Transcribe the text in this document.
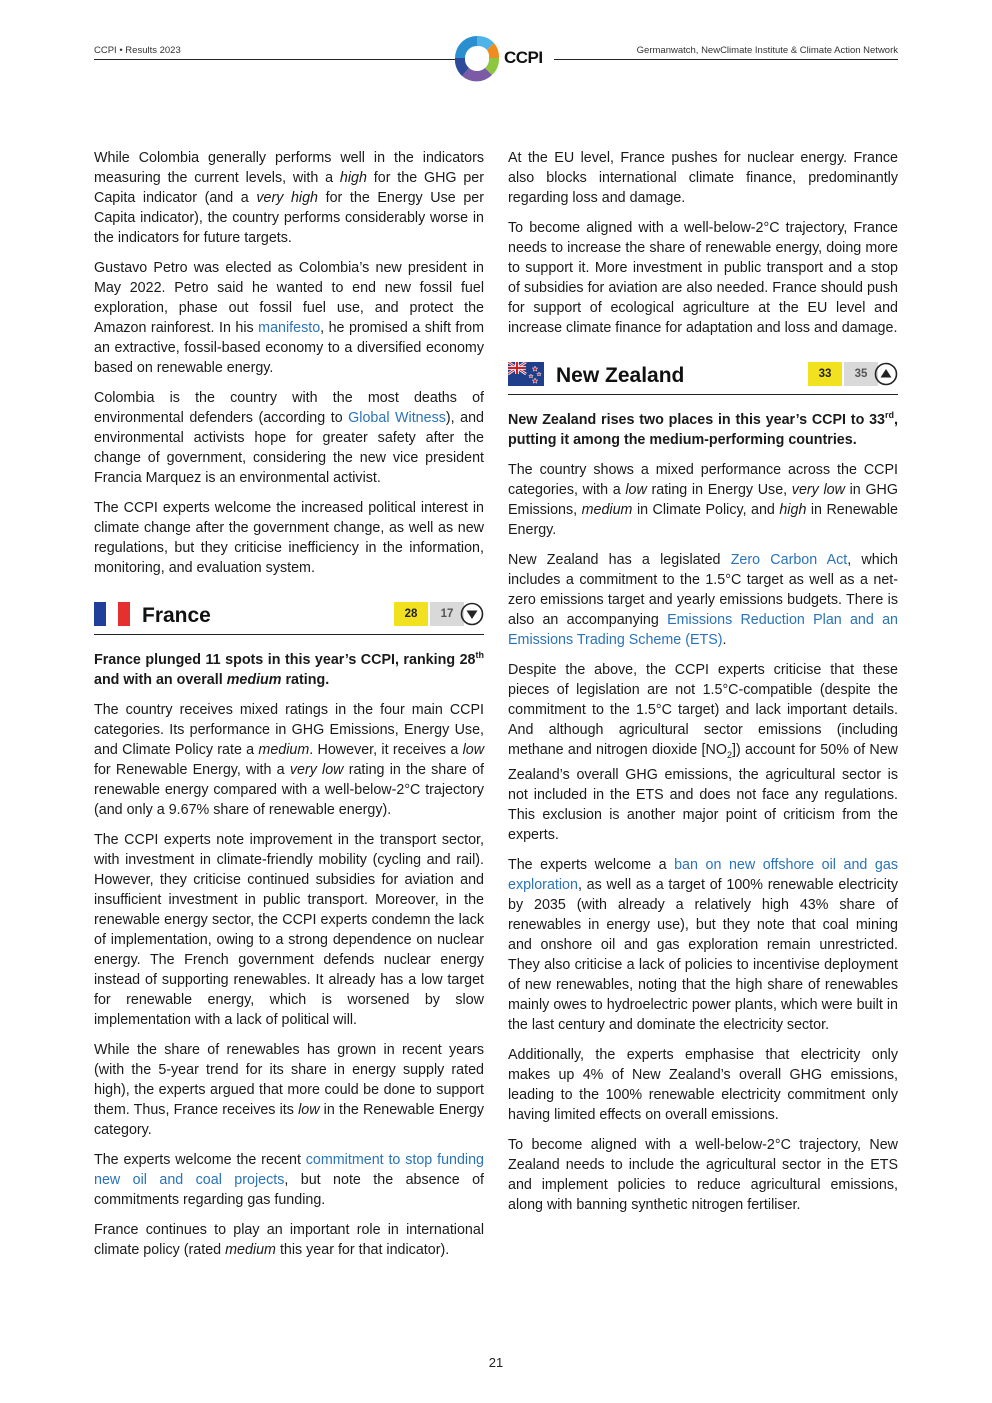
CCPI • Results 2023	CCPI	Germanwatch, NewClimate Institute & Climate Action Network

While Colombia generally performs well in the indicators measuring the current levels, with a high for the GHG per Capita indicator (and a very high for the Energy Use per Capita indicator), the country performs considerably worse in the indicators for future targets.

Gustavo Petro was elected as Colombia’s new president in May 2022. Petro said he wanted to end new fossil fuel exploration, phase out fossil fuel use, and protect the Amazon rainforest. In his manifesto, he promised a shift from an extractive, fossil-based economy to a diversified economy based on renewable energy.

Colombia is the country with the most deaths of environmental defenders (according to Global Witness), and environmental activists hope for greater safety after the change of government, considering the new vice president Francia Marquez is an environmental activist.

The CCPI experts welcome the increased political interest in climate change after the government change, as well as new regulations, but they criticise inefficiency in the information, monitoring, and evaluation system.

France	28	17

France plunged 11 spots in this year’s CCPI, ranking 28th and with an overall medium rating.

The country receives mixed ratings in the four main CCPI categories. Its performance in GHG Emissions, Energy Use, and Climate Policy rate a medium. However, it receives a low for Renewable Energy, with a very low rating in the share of renewable energy compared with a well-below-2°C trajectory (and only a 9.67% share of renewable energy).

The CCPI experts note improvement in the transport sector, with investment in climate-friendly mobility (cycling and rail). However, they criticise continued subsidies for aviation and insufficient investment in public transport. Moreover, in the renewable energy sector, the CCPI experts condemn the lack of implementation, owing to a strong dependence on nuclear energy. The French government defends nuclear energy instead of supporting renewables. It already has a low target for renewable energy, which is worsened by slow implementation with a lack of political will.

While the share of renewables has grown in recent years (with the 5-year trend for its share in energy supply rated high), the experts argued that more could be done to support them. Thus, France receives its low in the Renewable Energy category.

The experts welcome the recent commitment to stop funding new oil and coal projects, but note the absence of commitments regarding gas funding.

France continues to play an important role in international climate policy (rated medium this year for that indicator).

At the EU level, France pushes for nuclear energy. France also blocks international climate finance, predominantly regarding loss and damage.

To become aligned with a well-below-2°C trajectory, France needs to increase the share of renewable energy, doing more to support it. More investment in public transport and a stop of subsidies for aviation are also needed. France should push for support of ecological agriculture at the EU level and increase climate finance for adaptation and loss and damage.

New Zealand	33	35

New Zealand rises two places in this year’s CCPI to 33rd, putting it among the medium-performing countries.

The country shows a mixed performance across the CCPI categories, with a low rating in Energy Use, very low in GHG Emissions, medium in Climate Policy, and high in Renewable Energy.

New Zealand has a legislated Zero Carbon Act, which includes a commitment to the 1.5°C target as well as a net-zero emissions target and yearly emissions budgets. There is also an accompanying Emissions Reduction Plan and an Emissions Trading Scheme (ETS).

Despite the above, the CCPI experts criticise that these pieces of legislation are not 1.5°C-compatible (despite the commitment to the 1.5°C target) and lack important details. And although agricultural sector emissions (including methane and nitrogen dioxide $[NO_2]$) account for 50% of New Zealand’s overall GHG emissions, the agricultural sector is not included in the ETS and does not face any regulations. This exclusion is another major point of criticism from the experts.

The experts welcome a ban on new offshore oil and gas exploration, as well as a target of 100% renewable electricity by 2035 (with already a relatively high 43% share of renewables in energy use), but they note that coal mining and onshore oil and gas exploration remain unrestricted. They also criticise a lack of policies to incentivise deployment of new renewables, noting that the high share of renewables mainly owes to hydroelectric power plants, which were built in the last century and dominate the electricity sector.

Additionally, the experts emphasise that electricity only makes up 4% of New Zealand’s overall GHG emissions, leading to the 100% renewable electricity commitment only having limited effects on overall emissions.

To become aligned with a well-below-2°C trajectory, New Zealand needs to include the agricultural sector in the ETS and implement policies to reduce agricultural emissions, along with banning synthetic nitrogen fertiliser.

21
